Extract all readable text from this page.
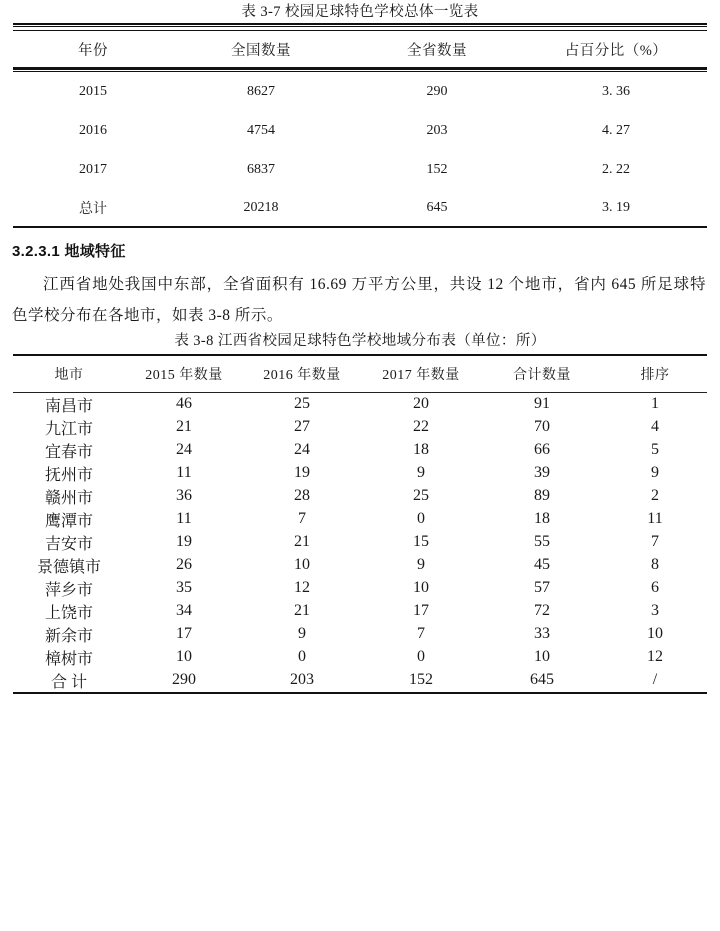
表 3-7 校园足球特色学校总体一览表
年份	全国数量	全省数量	占百分比（%）
2015	8627	290	3. 36
2016	4754	203	4. 27
2017	6837	152	2. 22
总计	20218	645	3. 19
3.2.3.1 地域特征

江西省地处我国中东部，全省面积有 16.69 万平方公里，共设 12 个地市，省内 645 所足球特色学校分布在各地市，如表 3-8 所示。

表 3-8 江西省校园足球特色学校地域分布表（单位：所）
地市	2015 年数量	2016 年数量	2017 年数量	合计数量	排序
南昌市	46	25	20	91	1
九江市	21	27	22	70	4
宜春市	24	24	18	66	5
抚州市	11	19	9	39	9
赣州市	36	28	25	89	2
鹰潭市	11	7	0	18	11
吉安市	19	21	15	55	7
景德镇市	26	10	9	45	8
萍乡市	35	12	10	57	6
上饶市	34	21	17	72	3
新余市	17	9	7	33	10
樟树市	10	0	0	10	12
合 计	290	203	152	645	/
